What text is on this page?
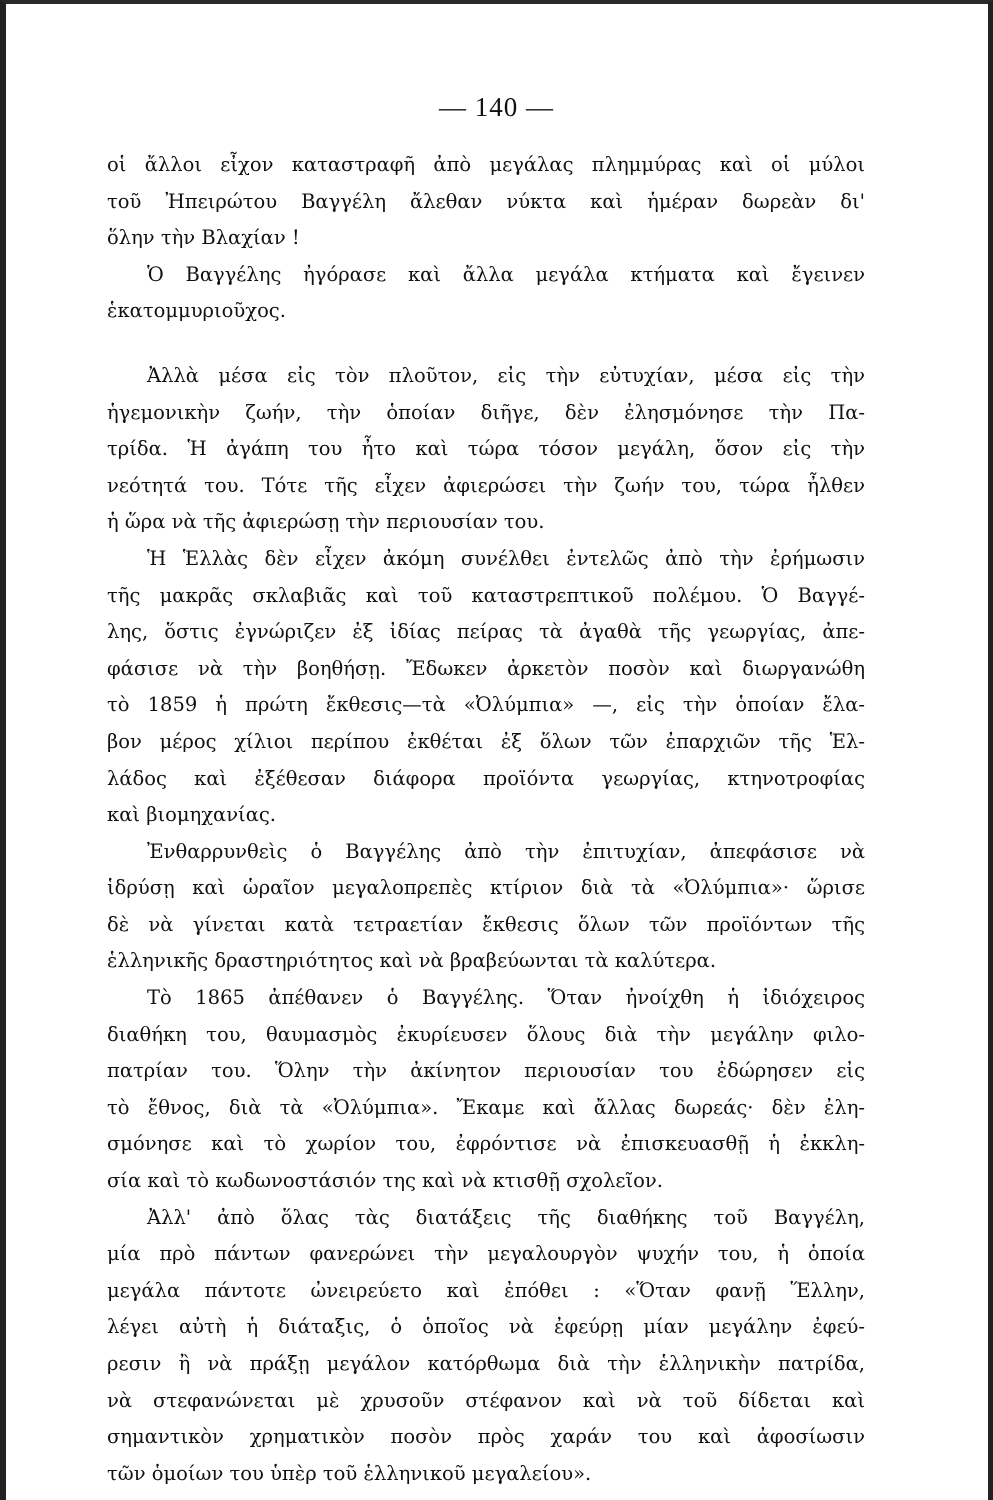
— 140 —
οἱ ἄλλοι εἶχον καταστραφῆ ἀπὸ μεγάλας πλημμύρας καὶ οἱ μύλοι
τοῦ Ἠπειρώτου Βαγγέλη ἄλεθαν νύκτα καὶ ἡμέραν δωρεὰν δι'
ὅλην τὴν Βλαχίαν !
Ὁ Βαγγέλης ἠγόρασε καὶ ἄλλα μεγάλα κτήματα καὶ ἔγεινεν
ἑκατομμυριοῦχος.
Ἀλλὰ μέσα εἰς τὸν πλοῦτον, εἰς τὴν εὐτυχίαν, μέσα εἰς τὴν
ἡγεμονικὴν ζωήν, τὴν ὁποίαν διῆγε, δὲν ἐλησμόνησε τὴν Πα-
τρίδα. Ἡ ἀγάπη του ἦτο καὶ τώρα τόσον μεγάλη, ὅσον εἰς τὴν
νεότητά του. Τότε τῆς εἶχεν ἀφιερώσει τὴν ζωήν του, τώρα ἦλθεν
ἡ ὥρα νὰ τῆς ἀφιερώσῃ τὴν περιουσίαν του.
Ἡ Ἑλλὰς δὲν εἶχεν ἀκόμη συνέλθει ἐντελῶς ἀπὸ τὴν ἐρήμωσιν
τῆς μακρᾶς σκλαβιᾶς καὶ τοῦ καταστρεπτικοῦ πολέμου. Ὁ Βαγγέ-
λης, ὅστις ἐγνώριζεν ἐξ ἰδίας πείρας τὰ ἀγαθὰ τῆς γεωργίας, ἀπε-
φάσισε νὰ τὴν βοηθήσῃ. Ἔδωκεν ἀρκετὸν ποσὸν καὶ διωργανώθη
τὸ 1859 ἡ πρώτη ἔκθεσις—τὰ «Ὀλύμπια» —, εἰς τὴν ὁποίαν ἔλα-
βον μέρος χίλιοι περίπου ἐκθέται ἐξ ὅλων τῶν ἐπαρχιῶν τῆς Ἑλ-
λάδος καὶ ἐξέθεσαν διάφορα προϊόντα γεωργίας, κτηνοτροφίας
καὶ βιομηχανίας.
Ἐνθαρρυνθεὶς ὁ Βαγγέλης ἀπὸ τὴν ἐπιτυχίαν, ἀπεφάσισε νὰ
ἱδρύσῃ καὶ ὡραῖον μεγαλοπρεπὲς κτίριον διὰ τὰ «Ὀλύμπια»· ὥρισε
δὲ νὰ γίνεται κατὰ τετραετίαν ἔκθεσις ὅλων τῶν προϊόντων τῆς
ἑλληνικῆς δραστηριότητος καὶ νὰ βραβεύωνται τὰ καλύτερα.
Τὸ 1865 ἀπέθανεν ὁ Βαγγέλης. Ὅταν ἠνοίχθη ἡ ἰδιόχειρος
διαθήκη του, θαυμασμὸς ἐκυρίευσεν ὅλους διὰ τὴν μεγάλην φιλο-
πατρίαν του. Ὅλην τὴν ἀκίνητον περιουσίαν του ἐδώρησεν εἰς
τὸ ἔθνος, διὰ τὰ «Ὀλύμπια». Ἔκαμε καὶ ἄλλας δωρεάς· δὲν ἐλη-
σμόνησε καὶ τὸ χωρίον του, ἐφρόντισε νὰ ἐπισκευασθῇ ἡ ἐκκλη-
σία καὶ τὸ κωδωνοστάσιόν της καὶ νὰ κτισθῇ σχολεῖον.
Ἀλλ' ἀπὸ ὅλας τὰς διατάξεις τῆς διαθήκης τοῦ Βαγγέλη,
μία πρὸ πάντων φανερώνει τὴν μεγαλουργὸν ψυχήν του, ἡ ὁποία
μεγάλα πάντοτε ὠνειρεύετο καὶ ἐπόθει : «Ὅταν φανῇ Ἕλλην,
λέγει αὐτὴ ἡ διάταξις, ὁ ὁποῖος νὰ ἐφεύρῃ μίαν μεγάλην ἐφεύ-
ρεσιν ἢ νὰ πράξῃ μεγάλον κατόρθωμα διὰ τὴν ἑλληνικὴν πατρίδα,
νὰ στεφανώνεται μὲ χρυσοῦν στέφανον καὶ νὰ τοῦ δίδεται καὶ
σημαντικὸν χρηματικὸν ποσὸν πρὸς χαράν του καὶ ἀφοσίωσιν
τῶν ὁμοίων του ὑπὲρ τοῦ ἑλληνικοῦ μεγαλείου».
